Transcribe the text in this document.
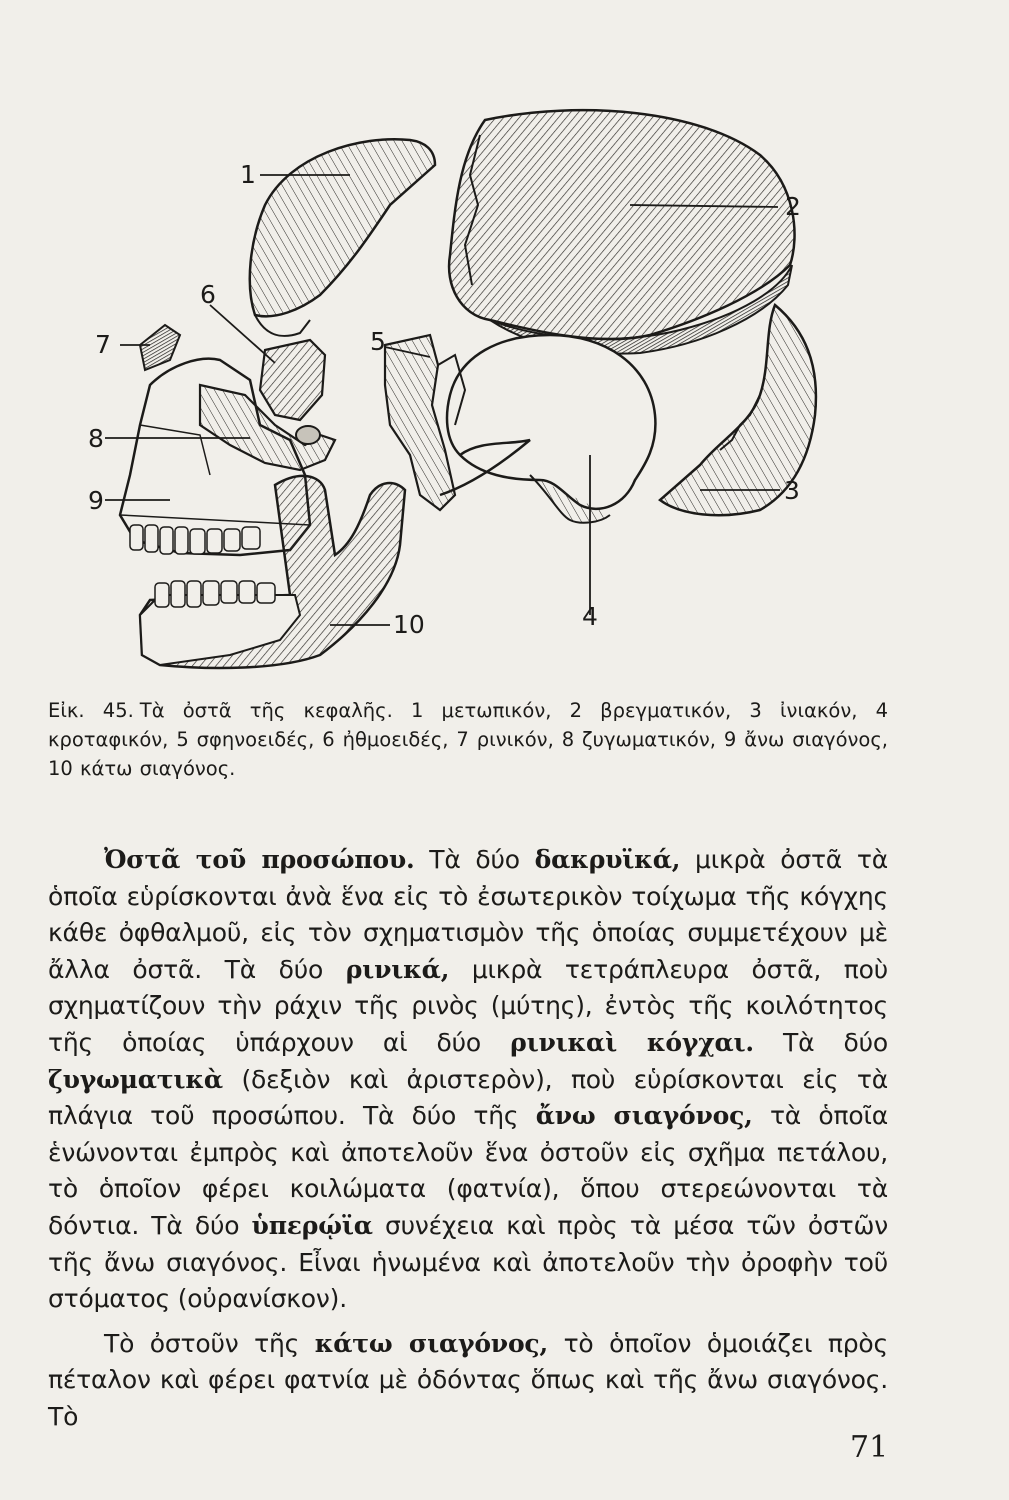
1
2
3
4
5
6
7
8
9
10
Εἰκ. 45. Τὰ ὀστᾶ τῆς κεφαλῆς. 1 μετωπικόν, 2 βρεγματικόν, 3 ἰνιακόν, 4 κροταφικόν, 5 σφηνοειδές, 6 ἠθμοειδές, 7 ρινικόν, 8 ζυγωματικόν, 9 ἄνω σιαγόνος, 10 κάτω σιαγόνος.

Ὀστᾶ τοῦ προσώπου. Τὰ δύο δακρυϊκά, μικρὰ ὀστᾶ τὰ ὁποῖα εὑρίσκονται ἀνὰ ἕνα εἰς τὸ ἐσωτερικὸν τοίχωμα τῆς κόγχης κάθε ὀφθαλμοῦ, εἰς τὸν σχηματισμὸν τῆς ὁποίας συμμετέχουν μὲ ἄλλα ὀστᾶ. Τὰ δύο ρινικά, μικρὰ τετράπλευρα ὀστᾶ, ποὺ σχηματίζουν τὴν ράχιν τῆς ρινὸς (μύτης), ἐντὸς τῆς κοιλότητος τῆς ὁποίας ὑπάρχουν αἱ δύο ρινικαὶ κόγχαι. Τὰ δύο ζυγωματικὰ (δεξιὸν καὶ ἀριστερὸν), ποὺ εὑρίσκονται εἰς τὰ πλάγια τοῦ προσώπου. Τὰ δύο τῆς ἄνω σιαγόνος, τὰ ὁποῖα ἑνώνονται ἐμπρὸς καὶ ἀποτελοῦν ἕνα ὀστοῦν εἰς σχῆμα πετάλου, τὸ ὁποῖον φέρει κοιλώματα (φατνία), ὅπου στερεώνονται τὰ δόντια. Τὰ δύο ὑπερῴϊα συνέχεια καὶ πρὸς τὰ μέσα τῶν ὀστῶν τῆς ἄνω σιαγόνος. Εἶναι ἡνωμένα καὶ ἀποτελοῦν τὴν ὀροφὴν τοῦ στόματος (οὐρανίσκον).

Τὸ ὀστοῦν τῆς κάτω σιαγόνος, τὸ ὁποῖον ὁμοιάζει πρὸς πέταλον καὶ φέρει φατνία μὲ ὀδόντας ὅπως καὶ τῆς ἄνω σιαγόνος. Τὸ

71
